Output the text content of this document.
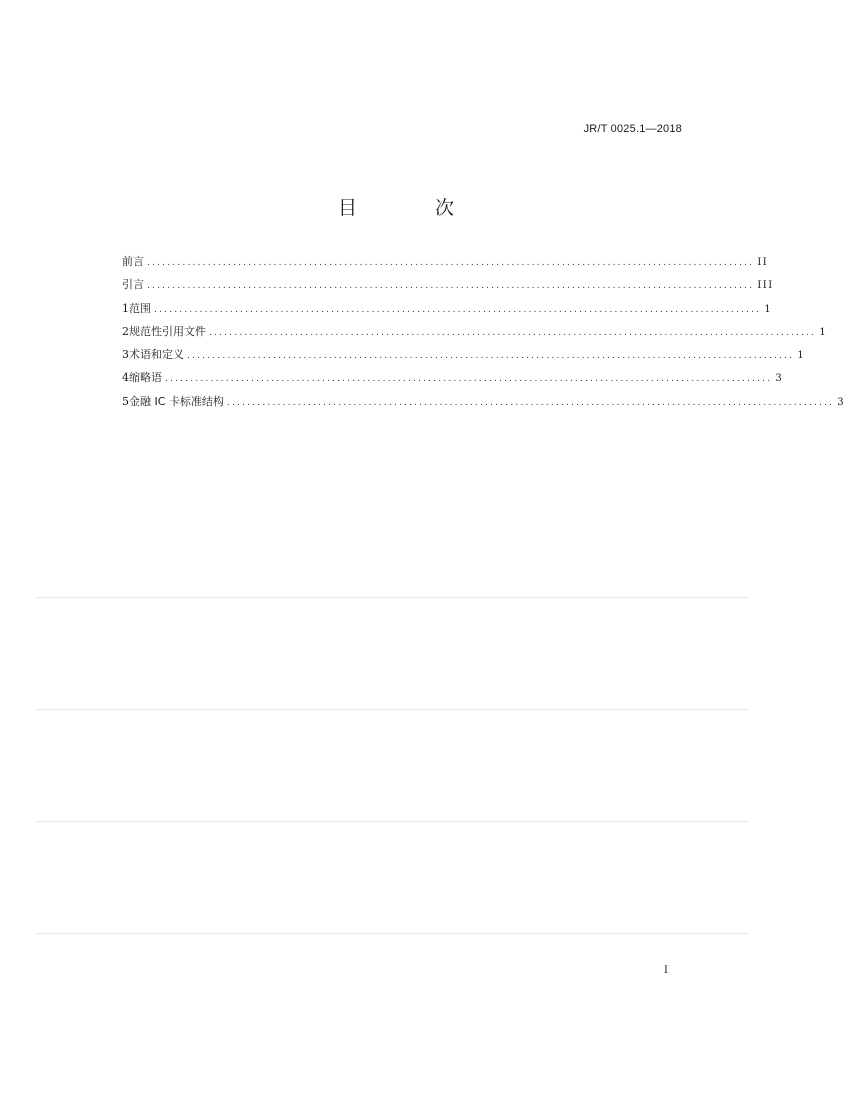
JR/T 0025.1—2018
目 次
前言 ........................................................................................................................ II
引言 ........................................................................................................................ III
1 范围 ........................................................................................................................ 1
2 规范性引用文件 ........................................................................................................................ 1
3 术语和定义 ........................................................................................................................ 1
4 缩略语 ........................................................................................................................ 3
5 金融 IC 卡标准结构 ........................................................................................................................ 3
I
